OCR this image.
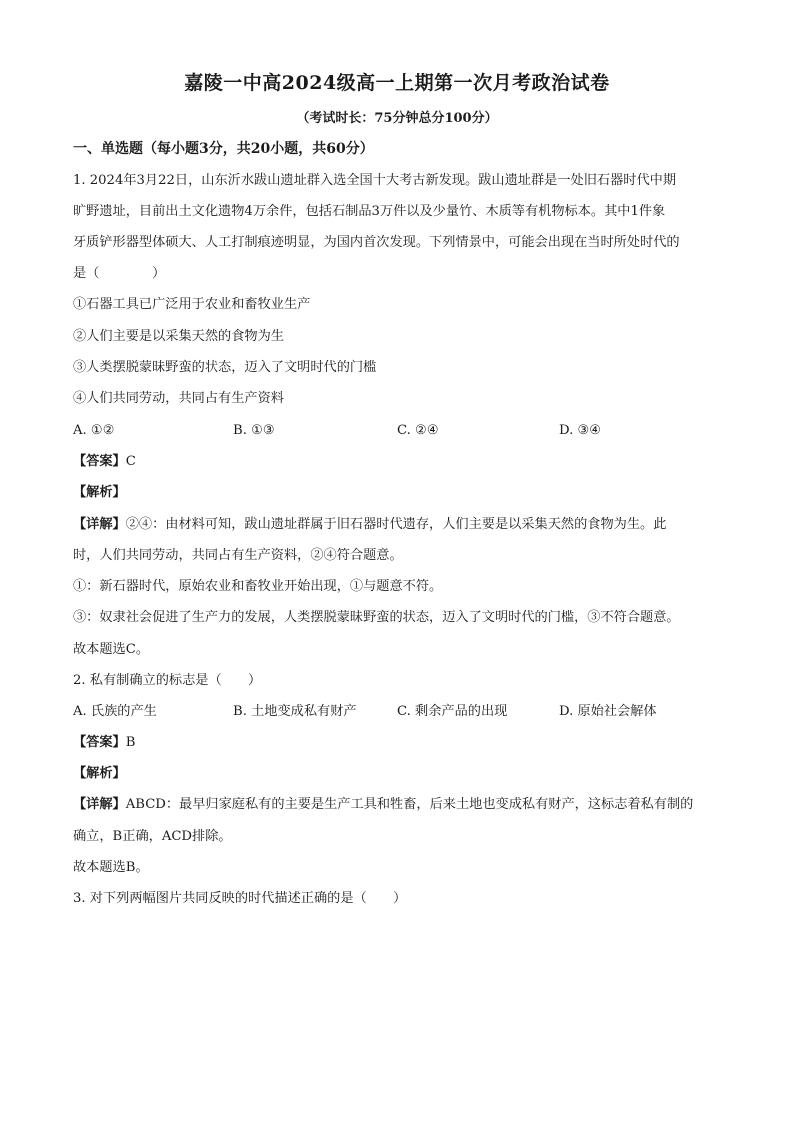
嘉陵一中高2024级高一上期第一次月考政治试卷
（考试时长：75分钟总分100分）
一、单选题（每小题3分，共20小题，共60分）
1. 2024年3月22日，山东沂水跋山遗址群入选全国十大考古新发现。跋山遗址群是一处旧石器时代中期
旷野遗址，目前出土文化遗物4万余件，包括石制品3万件以及少量竹、木质等有机物标本。其中1件象
牙质铲形器型体硕大、人工打制痕迹明显，为国内首次发现。下列情景中，可能会出现在当时所处时代的
是（　　　　）
①石器工具已广泛用于农业和畜牧业生产
②人们主要是以采集天然的食物为生
③人类摆脱蒙昧野蛮的状态，迈入了文明时代的门槛
④人们共同劳动，共同占有生产资料
A. ①②	B. ①③	C. ②④	D. ③④
【答案】C
【解析】
【详解】②④：由材料可知，跋山遗址群属于旧石器时代遗存，人们主要是以采集天然的食物为生。此
时，人们共同劳动，共同占有生产资料，②④符合题意。
①：新石器时代，原始农业和畜牧业开始出现，①与题意不符。
③：奴隶社会促进了生产力的发展，人类摆脱蒙昧野蛮的状态，迈入了文明时代的门槛，③不符合题意。
故本题选C。
2. 私有制确立的标志是（　　）
A. 氏族的产生	B. 土地变成私有财产	C. 剩余产品的出现	D. 原始社会解体
【答案】B
【解析】
【详解】ABCD：最早归家庭私有的主要是生产工具和牲畜，后来土地也变成私有财产，这标志着私有制的
确立，B正确，ACD排除。
故本题选B。
3. 对下列两幅图片共同反映的时代描述正确的是（　　）
